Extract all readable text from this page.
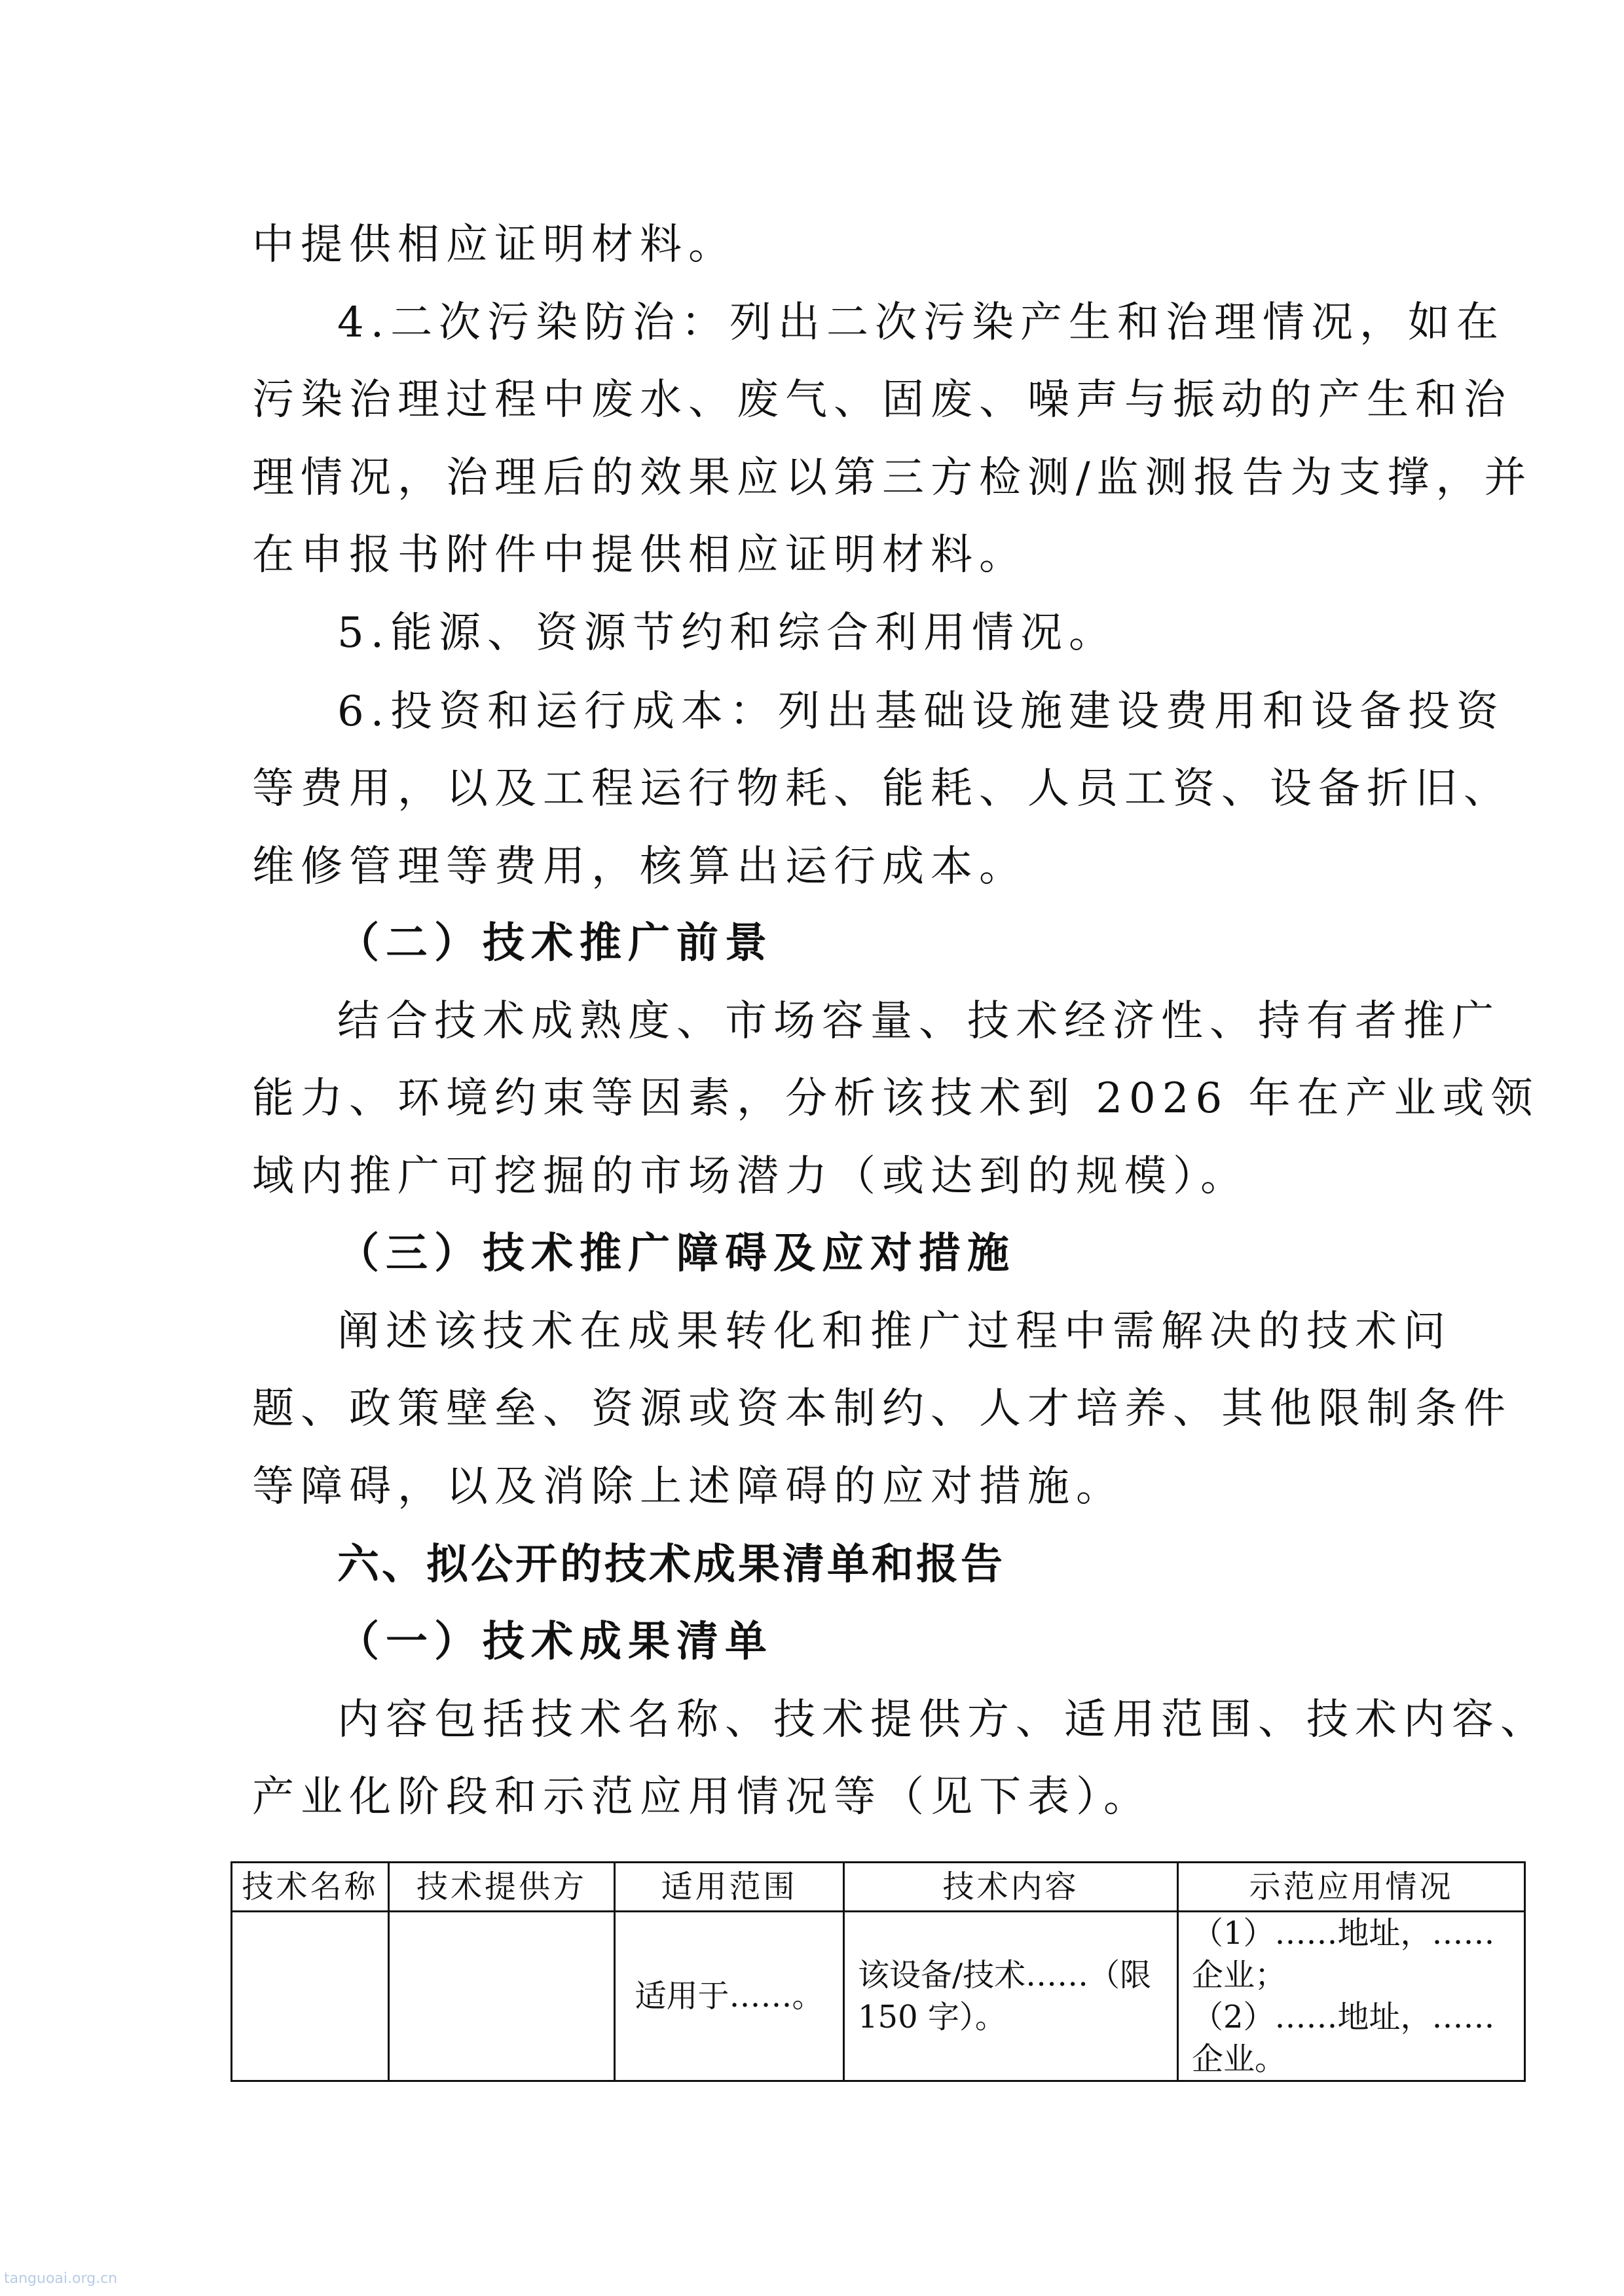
中提供相应证明材料。
4.二次污染防治：列出二次污染产生和治理情况，如在
污染治理过程中废水、废气、固废、噪声与振动的产生和治
理情况，治理后的效果应以第三方检测/监测报告为支撑，并
在申报书附件中提供相应证明材料。
5.能源、资源节约和综合利用情况。
6.投资和运行成本：列出基础设施建设费用和设备投资
等费用，以及工程运行物耗、能耗、人员工资、设备折旧、
维修管理等费用，核算出运行成本。
（二）技术推广前景
结合技术成熟度、市场容量、技术经济性、持有者推广
能力、环境约束等因素，分析该技术到 2026 年在产业或领
域内推广可挖掘的市场潜力（或达到的规模）。
（三）技术推广障碍及应对措施
阐述该技术在成果转化和推广过程中需解决的技术问
题、政策壁垒、资源或资本制约、人才培养、其他限制条件
等障碍，以及消除上述障碍的应对措施。
六、拟公开的技术成果清单和报告
（一）技术成果清单
内容包括技术名称、技术提供方、适用范围、技术内容、
产业化阶段和示范应用情况等（见下表）。
技术名称	技术提供方	适用范围	技术内容	示范应用情况
		适用于……。	该设备/技术……（限
150 字）。	（1）……地址，……
企业；
（2）……地址，……
企业。
tanguoai.org.cn
